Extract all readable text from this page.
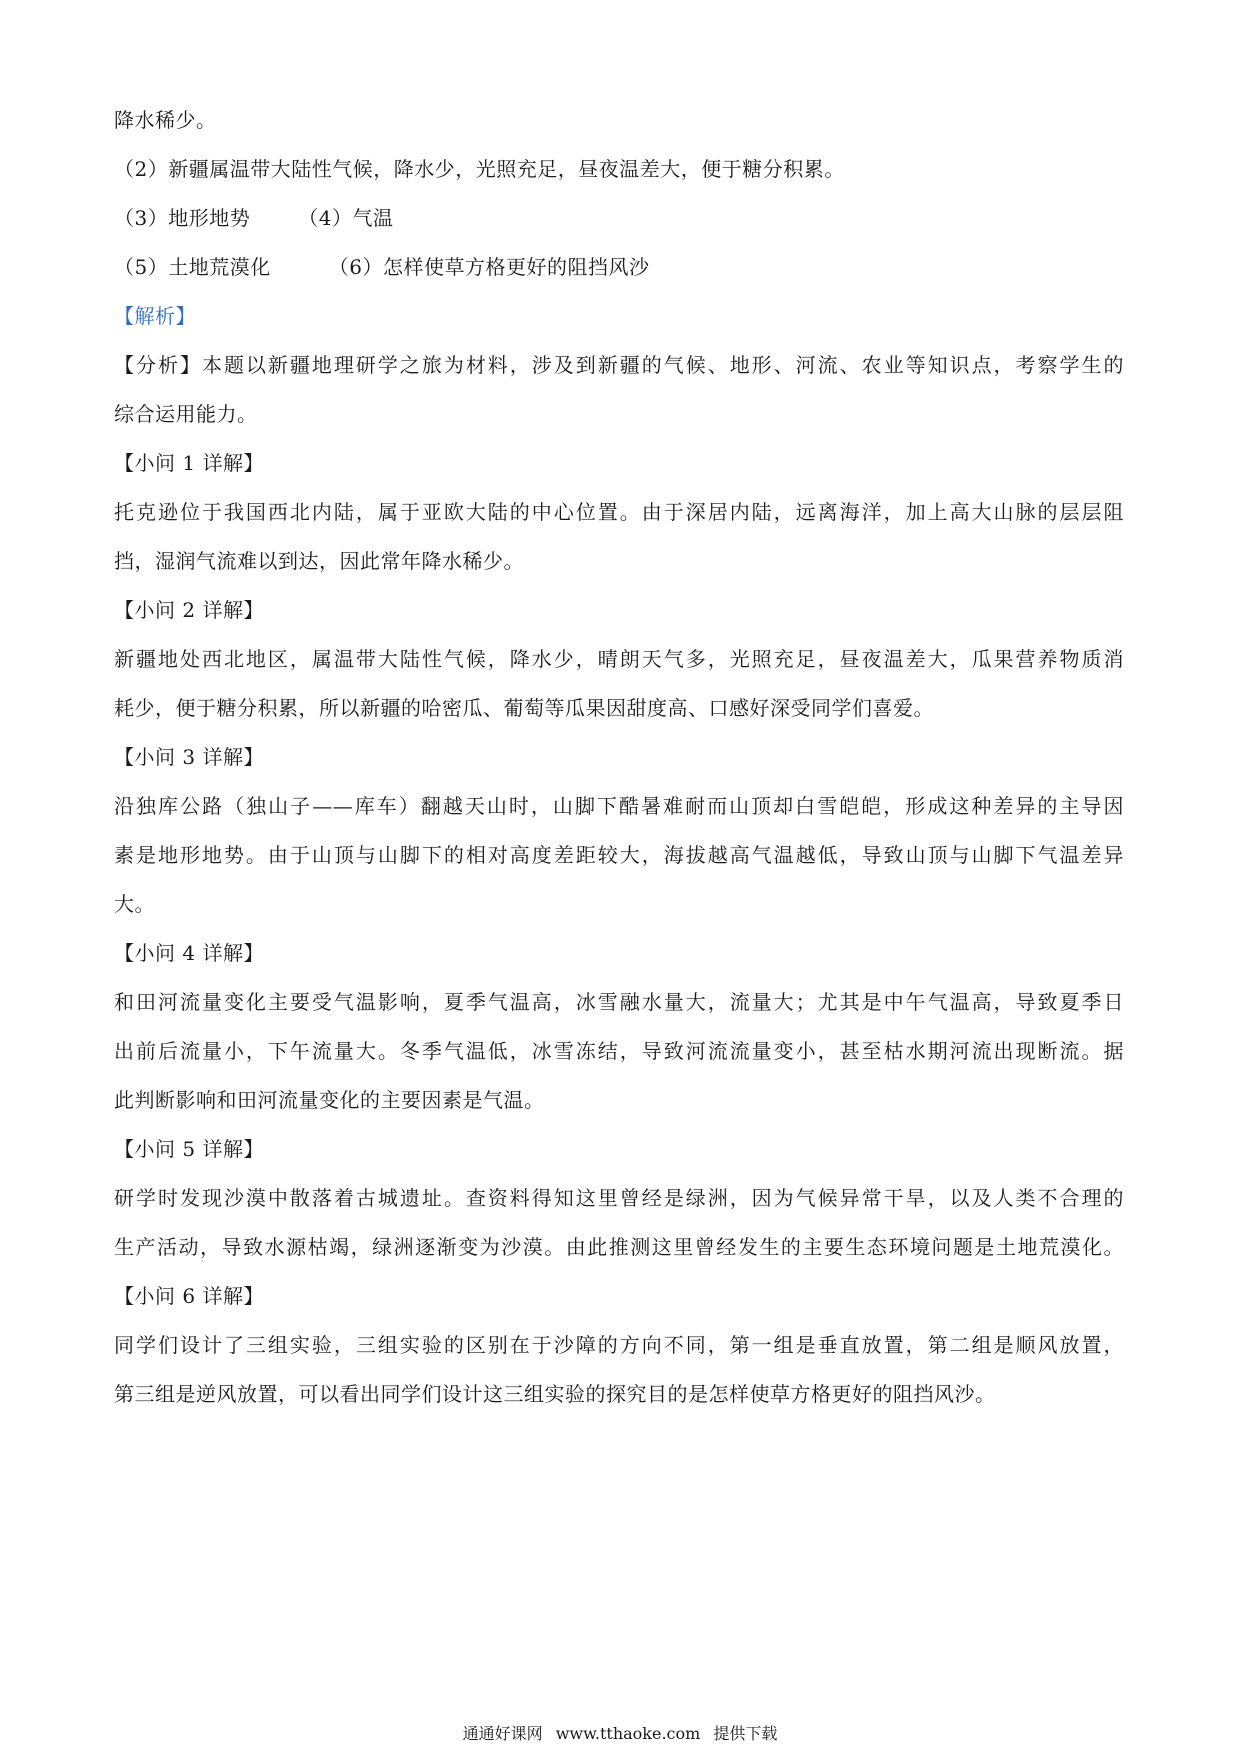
降水稀少。
（2）新疆属温带大陆性气候，降水少，光照充足，昼夜温差大，便于糖分积累。
（3）地形地势 （4）气温
（5）土地荒漠化	（6）怎样使草方格更好的阻挡风沙
【解析】
【分析】本题以新疆地理研学之旅为材料，涉及到新疆的气候、地形、河流、农业等知识点，考察学生的
综合运用能力。
【小问 1 详解】
托克逊位于我国西北内陆，属于亚欧大陆的中心位置。由于深居内陆，远离海洋，加上高大山脉的层层阻
挡，湿润气流难以到达，因此常年降水稀少。
【小问 2 详解】
新疆地处西北地区，属温带大陆性气候，降水少，晴朗天气多，光照充足，昼夜温差大，瓜果营养物质消
耗少，便于糖分积累，所以新疆的哈密瓜、葡萄等瓜果因甜度高、口感好深受同学们喜爱。
【小问 3 详解】
沿独库公路（独山子——库车）翻越天山时，山脚下酷暑难耐而山顶却白雪皑皑，形成这种差异的主导因
素是地形地势。由于山顶与山脚下的相对高度差距较大，海拔越高气温越低，导致山顶与山脚下气温差异
大。
【小问 4 详解】
和田河流量变化主要受气温影响，夏季气温高，冰雪融水量大，流量大；尤其是中午气温高，导致夏季日
出前后流量小，下午流量大。冬季气温低，冰雪冻结，导致河流流量变小，甚至枯水期河流出现断流。据
此判断影响和田河流量变化的主要因素是气温。
【小问 5 详解】
研学时发现沙漠中散落着古城遗址。查资料得知这里曾经是绿洲，因为气候异常干旱，以及人类不合理的
生产活动，导致水源枯竭，绿洲逐渐变为沙漠。由此推测这里曾经发生的主要生态环境问题是土地荒漠化。
【小问 6 详解】
同学们设计了三组实验，三组实验的区别在于沙障的方向不同，第一组是垂直放置，第二组是顺风放置，
第三组是逆风放置，可以看出同学们设计这三组实验的探究目的是怎样使草方格更好的阻挡风沙。
通通好课网 www.tthaoke.com 提供下载
